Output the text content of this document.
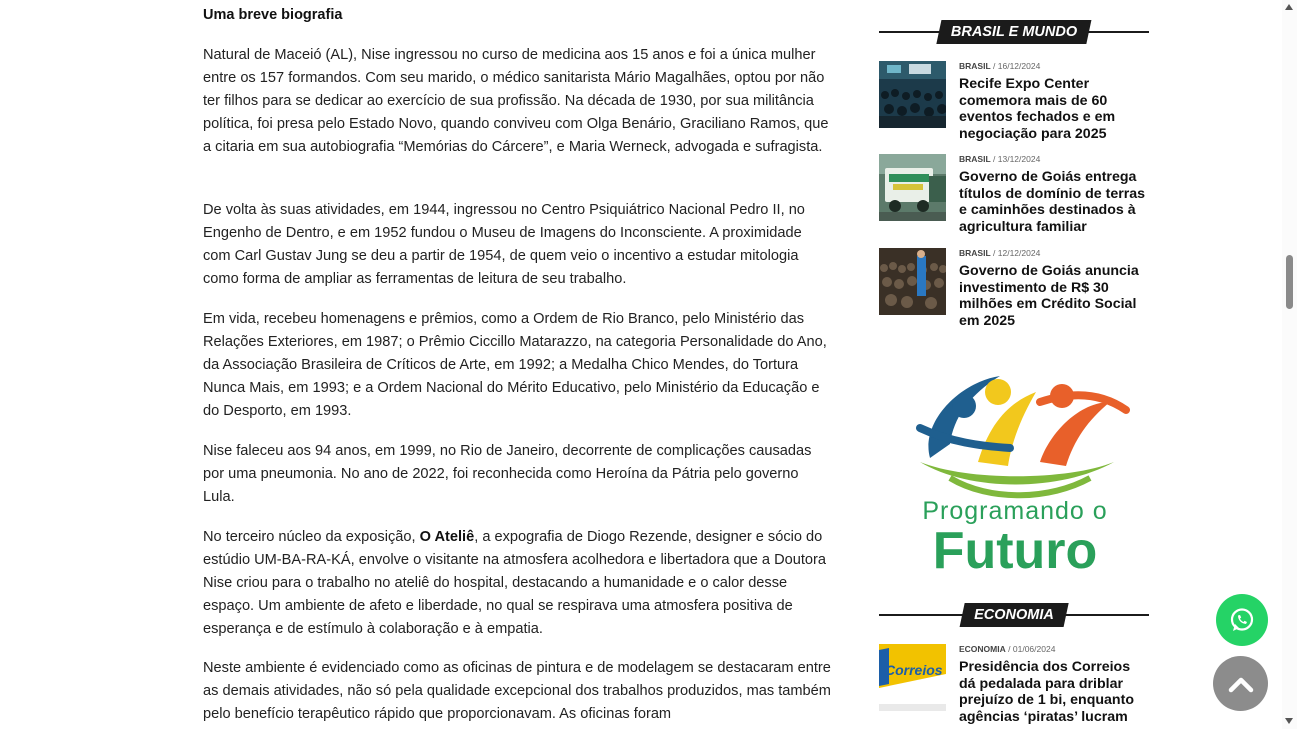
Uma breve biografia

Natural de Maceió (AL), Nise ingressou no curso de medicina aos 15 anos e foi a única mulher entre os 157 formandos. Com seu marido, o médico sanitarista Mário Magalhães, optou por não ter filhos para se dedicar ao exercício de sua profissão. Na década de 1930, por sua militância política, foi presa pelo Estado Novo, quando conviveu com Olga Benário, Graciliano Ramos, que a citaria em sua autobiografia “Memórias do Cárcere”, e Maria Werneck, advogada e sufragista.

De volta às suas atividades, em 1944, ingressou no Centro Psiquiátrico Nacional Pedro II, no Engenho de Dentro, e em 1952 fundou o Museu de Imagens do Inconsciente. A proximidade com Carl Gustav Jung se deu a partir de 1954, de quem veio o incentivo a estudar mitologia como forma de ampliar as ferramentas de leitura de seu trabalho.

Em vida, recebeu homenagens e prêmios, como a Ordem de Rio Branco, pelo Ministério das Relações Exteriores, em 1987; o Prêmio Ciccillo Matarazzo, na categoria Personalidade do Ano, da Associação Brasileira de Críticos de Arte, em 1992; a Medalha Chico Mendes, do Tortura Nunca Mais, em 1993; e a Ordem Nacional do Mérito Educativo, pelo Ministério da Educação e do Desporto, em 1993.

Nise faleceu aos 94 anos, em 1999, no Rio de Janeiro, decorrente de complicações causadas por uma pneumonia. No ano de 2022, foi reconhecida como Heroína da Pátria pelo governo Lula.

No terceiro núcleo da exposição, O Ateliê, a expografia de Diogo Rezende, designer e sócio do estúdio UM-BA-RA-KÁ, envolve o visitante na atmosfera acolhedora e libertadora que a Doutora Nise criou para o trabalho no ateliê do hospital, destacando a humanidade e o calor desse espaço. Um ambiente de afeto e liberdade, no qual se respirava uma atmosfera positiva de esperança e de estímulo à colaboração e à empatia.

Neste ambiente é evidenciado como as oficinas de pintura e de modelagem se destacaram entre as demais atividades, não só pela qualidade excepcional dos trabalhos produzidos, mas também pelo benefício terapêutico rápido que proporcionavam. As oficinas foram

BRASIL E MUNDO
BRASIL / 16/12/2024
Recife Expo Center comemora mais de 60 eventos fechados e em negociação para 2025
BRASIL / 13/12/2024
Governo de Goiás entrega títulos de domínio de terras e caminhões destinados à agricultura familiar
BRASIL / 12/12/2024
Governo de Goiás anuncia investimento de R$ 30 milhões em Crédito Social em 2025
ECONOMIA
Correios
ECONOMIA / 01/06/2024
Presidência dos Correios dá pedalada para driblar prejuízo de 1 bi, enquanto agências ‘piratas’ lucram
Programando o
Futuro
